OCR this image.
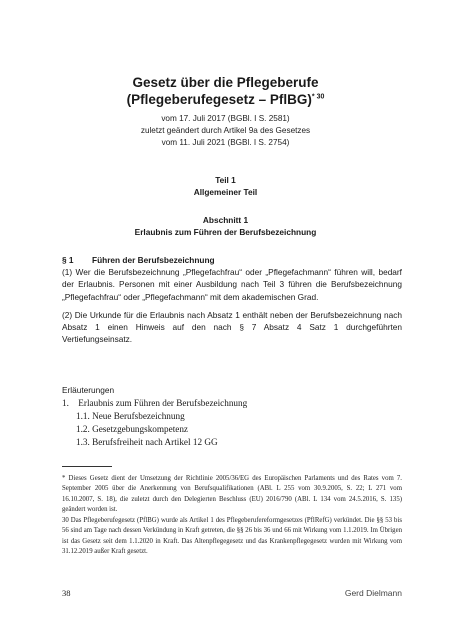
Gesetz über die Pflegeberufe
(Pflegeberufegesetz – PflBG)$^{* 30}$
vom 17. Juli 2017 (BGBl. I S. 2581)
zuletzt geändert durch Artikel 9a des Gesetzes
vom 11. Juli 2021 (BGBl. I S. 2754)
Teil 1
Allgemeiner Teil
Abschnitt 1
Erlaubnis zum Führen der Berufsbezeichnung
§ 1 Führen der Berufsbezeichnung

(1) Wer die Berufsbezeichnung „Pflegefachfrau“ oder „Pflegefachmann“ führen will, bedarf der Erlaubnis. Personen mit einer Ausbildung nach Teil 3 führen die Berufsbezeichnung „Pflegefachfrau“ oder „Pflegefachmann“ mit dem akademischen Grad.

(2) Die Urkunde für die Erlaubnis nach Absatz 1 enthält neben der Berufsbezeichnung nach Absatz 1 einen Hinweis auf den nach § 7 Absatz 4 Satz 1 durchgeführten Vertiefungseinsatz.

Erläuterungen
1. Erlaubnis zum Führen der Berufsbezeichnung
1.1. Neue Berufsbezeichnung
1.2. Gesetzgebungskompetenz
1.3. Berufsfreiheit nach Artikel 12 GG

* Dieses Gesetz dient der Umsetzung der Richtlinie 2005/36/EG des Europäischen Parlaments und des Rates vom 7. September 2005 über die Anerkennung von Berufsqualifikationen (ABl. L 255 vom 30.9.2005, S. 22; L 271 vom 16.10.2007, S. 18), die zuletzt durch den Delegierten Beschluss (EU) 2016/790 (ABl. L 134 vom 24.5.2016, S. 135) geändert worden ist.

30 Das Pflegeberufegesetz (PflBG) wurde als Artikel 1 des Pflegeberufereformgesetzes (PflRefG) verkündet. Die §§ 53 bis 56 sind am Tage nach dessen Verkündung in Kraft getreten, die §§ 26 bis 36 und 66 mit Wirkung vom 1.1.2019. Im Übrigen ist das Gesetz seit dem 1.1.2020 in Kraft. Das Altenpflegegesetz und das Krankenpflegegesetz wurden mit Wirkung vom 31.12.2019 außer Kraft gesetzt.

38	Gerd Dielmann
